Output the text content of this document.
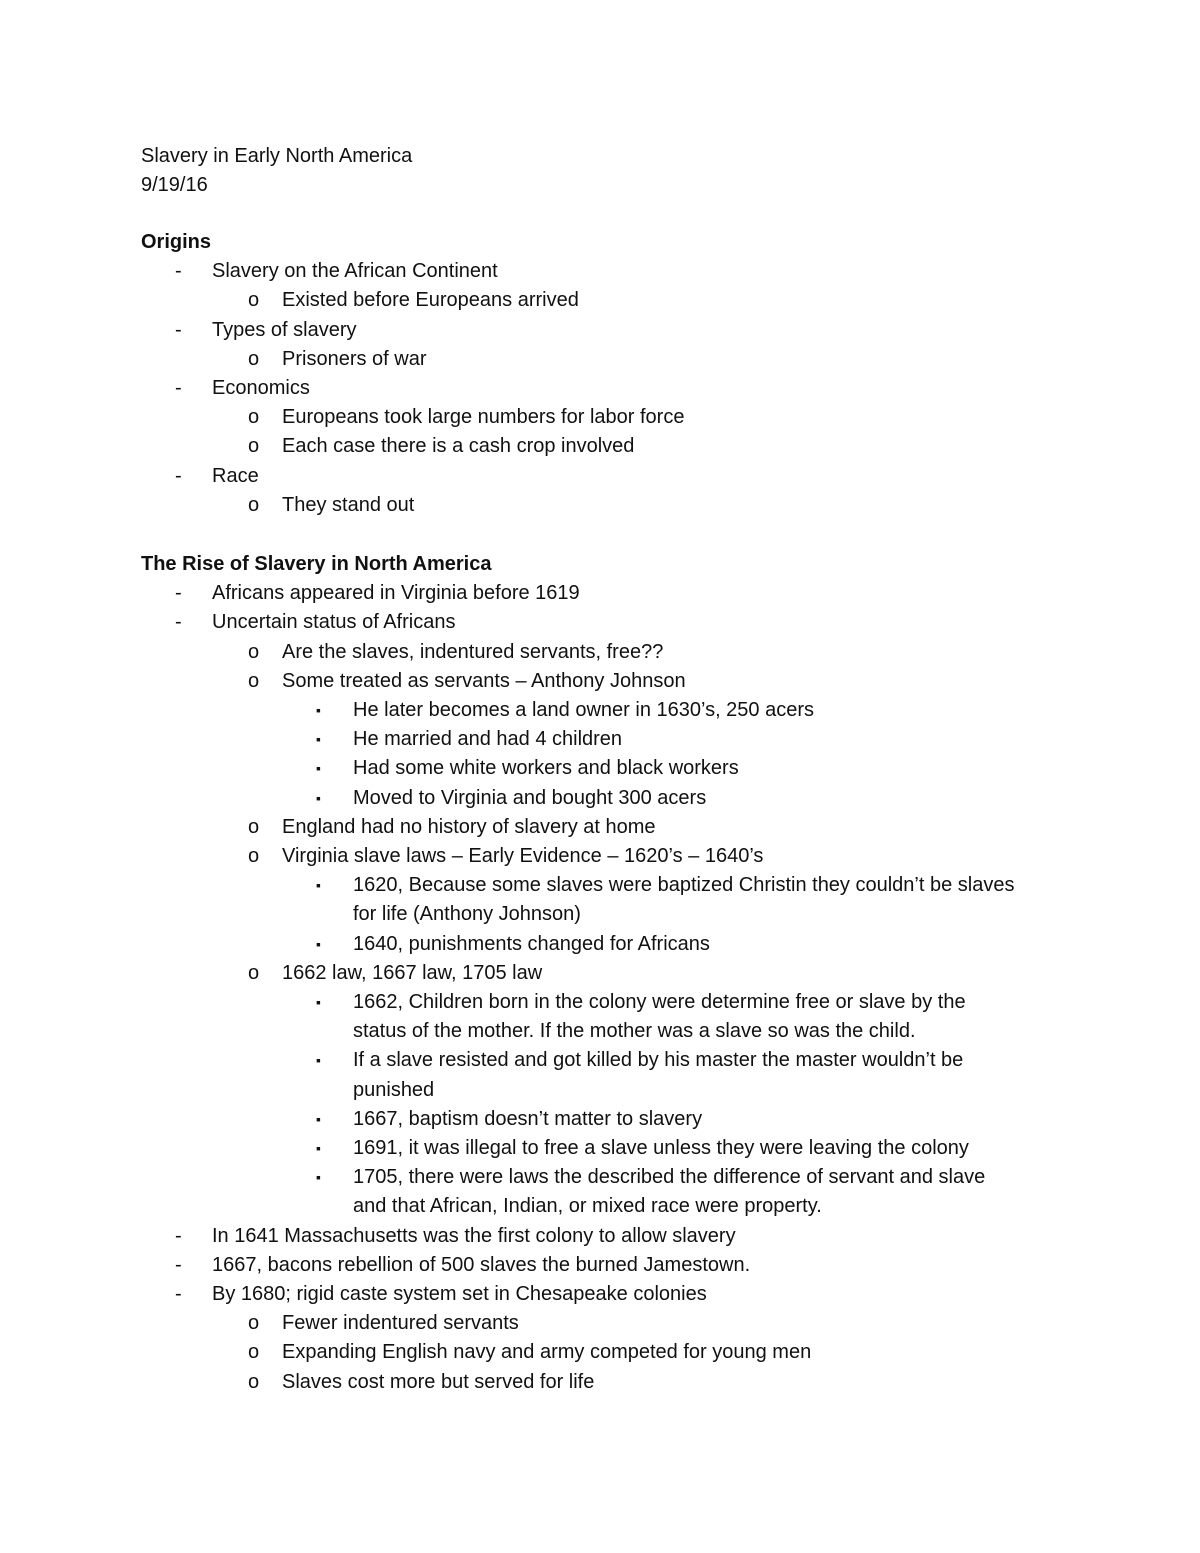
Slavery in Early North America
9/19/16
Origins
- Slavery on the African Continent
o Existed before Europeans arrived
- Types of slavery
o Prisoners of war
- Economics
o Europeans took large numbers for labor force
o Each case there is a cash crop involved
- Race
o They stand out
The Rise of Slavery in North America
- Africans appeared in Virginia before 1619
- Uncertain status of Africans
o Are the slaves, indentured servants, free??
o Some treated as servants – Anthony Johnson
▪ He later becomes a land owner in 1630’s, 250 acers
▪ He married and had 4 children
▪ Had some white workers and black workers
▪ Moved to Virginia and bought 300 acers
o England had no history of slavery at home
o Virginia slave laws – Early Evidence – 1620’s – 1640’s
▪ 1620, Because some slaves were baptized Christin they couldn’t be slaves
for life (Anthony Johnson)
▪ 1640, punishments changed for Africans
o 1662 law, 1667 law, 1705 law
▪ 1662, Children born in the colony were determine free or slave by the
status of the mother. If the mother was a slave so was the child.
▪ If a slave resisted and got killed by his master the master wouldn’t be
punished
▪ 1667, baptism doesn’t matter to slavery
▪ 1691, it was illegal to free a slave unless they were leaving the colony
▪ 1705, there were laws the described the difference of servant and slave
and that African, Indian, or mixed race were property.
- In 1641 Massachusetts was the first colony to allow slavery
- 1667, bacons rebellion of 500 slaves the burned Jamestown.
- By 1680; rigid caste system set in Chesapeake colonies
o Fewer indentured servants
o Expanding English navy and army competed for young men
o Slaves cost more but served for life
